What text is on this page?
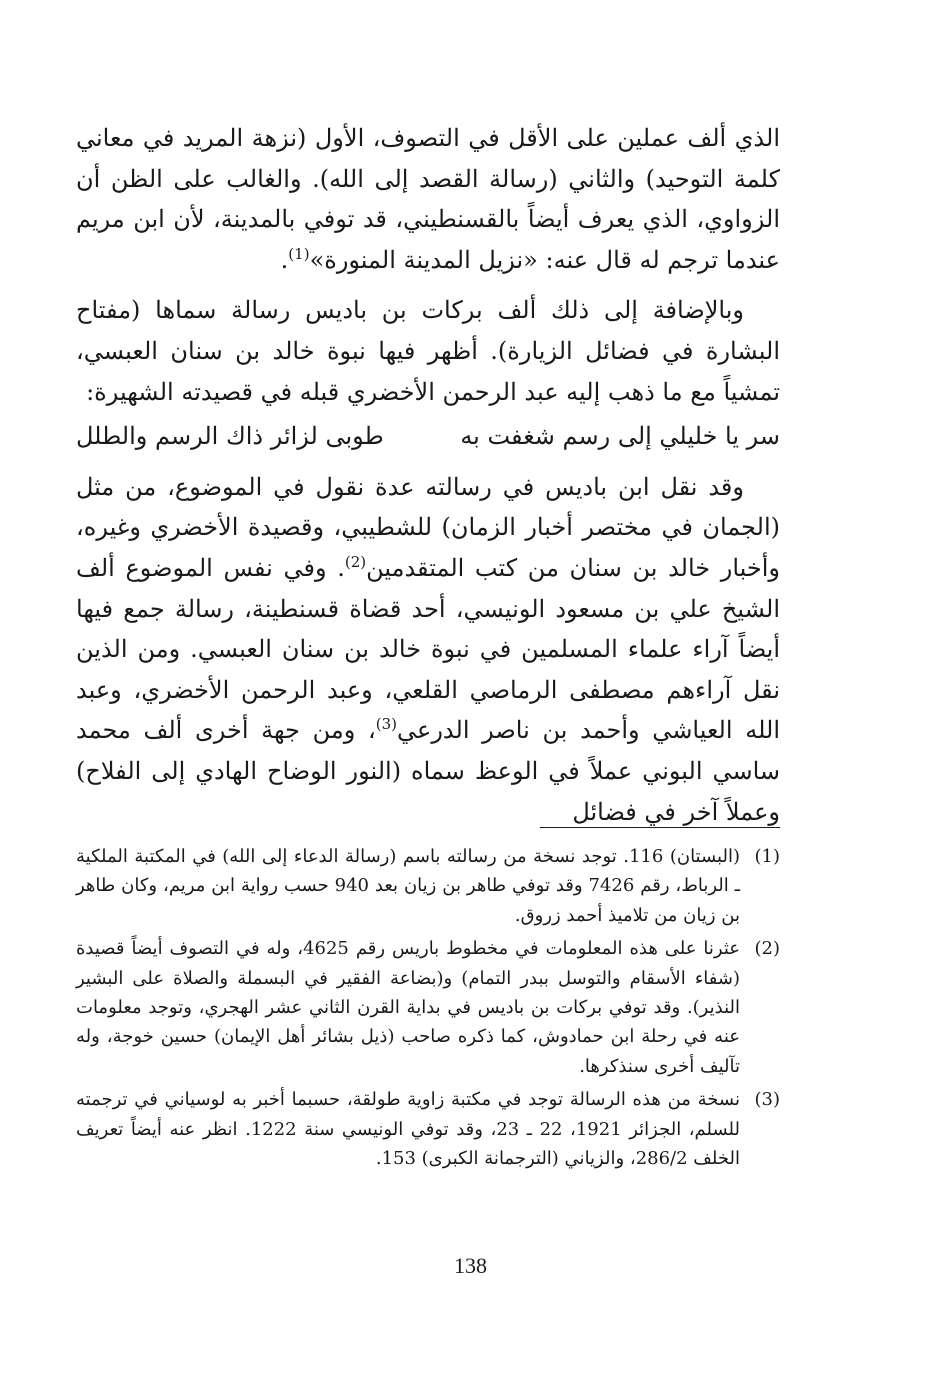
الذي ألف عملين على الأقل في التصوف، الأول (نزهة المريد في معاني كلمة التوحيد) والثاني (رسالة القصد إلى الله). والغالب على الظن أن الزواوي، الذي يعرف أيضاً بالقسنطيني، قد توفي بالمدينة، لأن ابن مريم عندما ترجم له قال عنه: «نزيل المدينة المنورة»$^{(1)}$.

وبالإضافة إلى ذلك ألف بركات بن باديس رسالة سماها (مفتاح البشارة في فضائل الزيارة). أظهر فيها نبوة خالد بن سنان العبسي، تمشياً مع ما ذهب إليه عبد الرحمن الأخضري قبله في قصيدته الشهيرة:

سر يا خليلي إلى رسم شغفت به
طوبى لزائر ذاك الرسم والطلل

وقد نقل ابن باديس في رسالته عدة نقول في الموضوع، من مثل (الجمان في مختصر أخبار الزمان) للشطيبي، وقصيدة الأخضري وغيره، وأخبار خالد بن سنان من كتب المتقدمين$^{(2)}$. وفي نفس الموضوع ألف الشيخ علي بن مسعود الونيسي، أحد قضاة قسنطينة، رسالة جمع فيها أيضاً آراء علماء المسلمين في نبوة خالد بن سنان العبسي. ومن الذين نقل آراءهم مصطفى الرماصي القلعي، وعبد الرحمن الأخضري، وعبد الله العياشي وأحمد بن ناصر الدرعي$^{(3)}$، ومن جهة أخرى ألف محمد ساسي البوني عملاً في الوعظ سماه (النور الوضاح الهادي إلى الفلاح) وعملاً آخر في فضائل

(1)
(البستان) 116. توجد نسخة من رسالته باسم (رسالة الدعاء إلى الله) في المكتبة الملكية ـ الرباط، رقم 7426 وقد توفي طاهر بن زيان بعد 940 حسب رواية ابن مريم، وكان طاهر بن زيان من تلاميذ أحمد زروق.
(2)
عثرنا على هذه المعلومات في مخطوط باريس رقم 4625، وله في التصوف أيضاً قصيدة (شفاء الأسقام والتوسل ببدر التمام) و(بضاعة الفقير في البسملة والصلاة على البشير النذير). وقد توفي بركات بن باديس في بداية القرن الثاني عشر الهجري، وتوجد معلومات عنه في رحلة ابن حمادوش، كما ذكره صاحب (ذيل بشائر أهل الإيمان) حسين خوجة، وله تآليف أخرى سنذكرها.
(3)
نسخة من هذه الرسالة توجد في مكتبة زاوية طولقة، حسبما أخبر به لوسياني في ترجمته للسلم، الجزائر 1921، 22 ـ 23، وقد توفي الونيسي سنة 1222. انظر عنه أيضاً تعريف الخلف 286/2، والزياني (الترجمانة الكبرى) 153.
138
